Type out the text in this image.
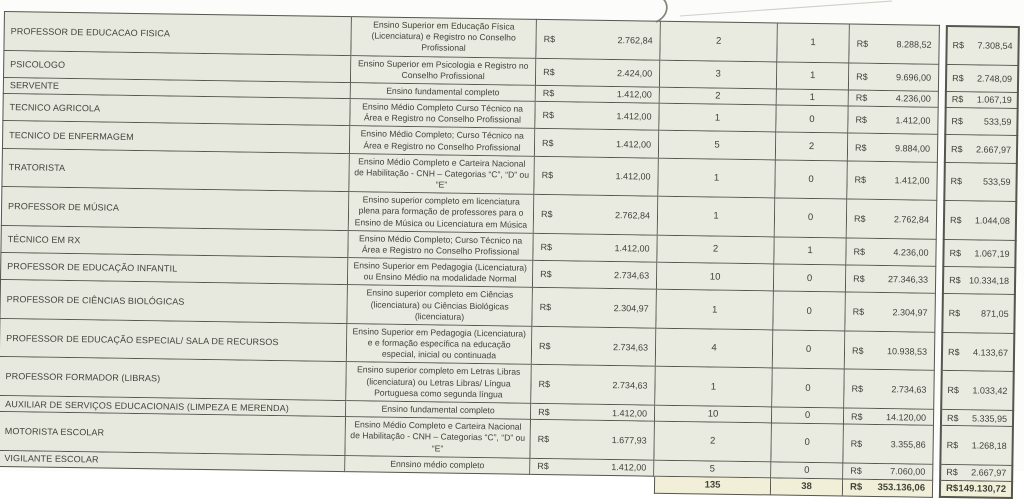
PROFESSOR DE EDUCACAO FISICA	Ensino Superior em Educação Física (Licenciatura) e Registro no Conselho Profissional	R$ 2.762,84	2	1	R$ 8.288,52		R$ 7.308,54

PSICOLOGO	Ensino Superior em Psicologia e Registro no Conselho Profissional	R$ 2.424,00	3	1	R$ 9.696,00		R$ 2.748,09

SERVENTE	Ensino fundamental completo	R$ 1.412,00	2	1	R$ 4.236,00		R$ 1.067,19

TECNICO AGRICOLA	Ensino Médio Completo Curso Técnico na Área e Registro no Conselho Profissional	R$ 1.412,00	1	0	R$ 1.412,00		R$ 533,59

TECNICO DE ENFERMAGEM	Ensino Médio Completo; Curso Técnico na Área e Registro no Conselho Profissional	R$ 1.412,00	5	2	R$ 9.884,00		R$ 2.667,97

TRATORISTA	Ensino Médio Completo e Carteira Nacional de Habilitação - CNH – Categorias “C”, “D” ou “E”	R$ 1.412,00	1	0	R$ 1.412,00		R$ 533,59

PROFESSOR DE MÚSICA	Ensino superior completo em licenciatura plena para formação de professores para o Ensino de Música ou Licenciatura em Música	R$ 2.762,84	1	0	R$ 2.762,84		R$ 1.044,08

TÉCNICO EM RX	Ensino Médio Completo; Curso Técnico na Área e Registro no Conselho Profissional	R$ 1.412,00	2	1	R$ 4.236,00		R$ 1.067,19

PROFESSOR DE EDUCAÇÃO INFANTIL	Ensino Superior em Pedagogia (Licenciatura) ou Ensino Médio na modalidade Normal	R$ 2.734,63	10	0	R$ 27.346,33		R$ 10.334,18

PROFESSOR DE CIÊNCIAS BIOLÓGICAS	Ensino superior completo em Ciências (licenciatura) ou Ciências Biológicas (licenciatura)	R$ 2.304,97	1	0	R$ 2.304,97		R$ 871,05

PROFESSOR DE EDUCAÇÃO ESPECIAL/ SALA DE RECURSOS	Ensino Superior em Pedagogia (Licenciatura) e e formação específica na educação especial, inicial ou continuada	R$ 2.734,63	4	0	R$ 10.938,53		R$ 4.133,67

PROFESSOR FORMADOR (LIBRAS)	Ensino superior completo em Letras Libras (licenciatura) ou Letras Libras/ Língua Portuguesa como segunda língua	R$ 2.734,63	1	0	R$ 2.734,63		R$ 1.033,42

AUXILIAR DE SERVIÇOS EDUCACIONAIS (LIMPEZA E MERENDA)	Ensino fundamental completo	R$ 1.412,00	10	0	R$ 14.120,00		R$ 5.335,95

MOTORISTA ESCOLAR	Ensino Médio Completo e Carteira Nacional de Habilitação - CNH – Categorias “C”, “D” ou “E”	R$ 1.677,93	2	0	R$ 3.355,86		R$ 1.268,18

VIGILANTE ESCOLAR	Ennsino médio completo	R$ 1.412,00	5	0	R$ 7.060,00		R$ 2.667,97

			135	38	R$ 353.136,06		R$ 149.130,72
